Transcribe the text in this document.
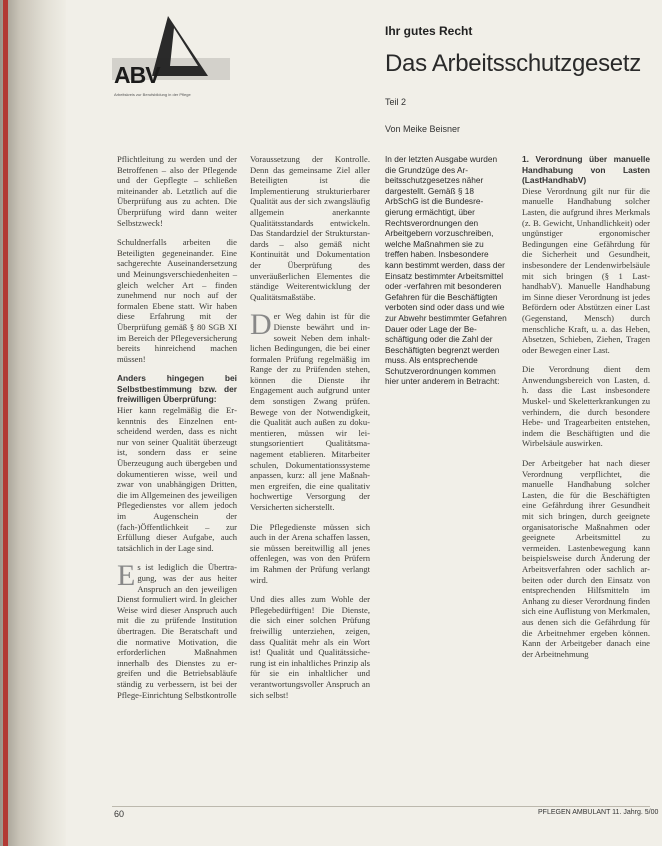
ABV
Arbeitskreis zur Berufsbildung in der Pflege
Ihr gutes Recht
Das Arbeitsschutzgesetz
Teil 2
Von Meike Beisner

Pflichtleitung zu werden und der Betroffenen – also der Pflegende und der Gepflegte – schließen miteinander ab. Letztlich auf die Überprüfung aus zu achten. Die Überprüfung wird dann weiter Selbstzweck!

Schuldnerfalls arbeiten die Beteiligten gegeneinander. Eine sachgerechte Auseinandersetzung und Meinungsverschiedenheiten – gleich welcher Art – finden zunehmend nur noch auf der formalen Ebene statt. Wir haben diese Erfahrung mit der Überprüfung gemäß § 80 SGB XI im Bereich der Pflegeversicherung bereits hinreichend machen müssen!

Anders hingegen bei Selbstbestimmung bzw. der freiwilligen Überprüfung:

Hier kann regelmäßig die Erkenntnis des Einzelnen entscheidend werden, dass es nicht nur von seiner Qualität überzeugt ist, sondern dass er seine Überzeugung auch übergeben und dokumentieren wisse, weil und zwar von unabhängigen Dritten, die im Allgemeinen des jeweiligen Pflegedienstes vor allem jedoch im Augenschein der (fach-)Öffentlichkeit – zur Erfüllung dieser Aufgabe, auch tatsächlich in der Lage sind.

Es ist lediglich die Übertragung, was der aus heiter Anspruch an den jeweiligen Dienst formuliert wird. In gleicher Weise wird dieser Anspruch auch mit die zu prüfende Institution übertragen. Die Beratschaft und die normative Motivation, die erforderlichen Maßnahmen innerhalb des Dienstes zu ergreifen und die Betriebsabläufe ständig zu verbessern, ist bei der Pflege-Einrichtung Selbstkontrolle

Voraussetzung der Kontrolle. Denn das gemeinsame Ziel aller Beteiligten ist die Implementierung strukturierbarer Qualität aus der sich zwangsläufig allgemein anerkannte Qualitätsstandards entwickeln. Das Standardziel der Strukturstandards – also gemäß nicht Kontinuität und Dokumentation der Überprüfung des unveräußerlichen Elementes die ständige Weiterentwicklung der Qualitätsmaßstäbe.

Der Weg dahin ist für die Dienste bewährt und insoweit Neben dem inhaltlichen Bedingungen, die bei einer formalen Prüfung regelmäßig im Range der zu Prüfenden stehen, können die Dienste ihr Engagement auch aufgrund unter dem sonstigen Zwang prüfen. Bewege von der Notwendigkeit, die Qualität auch außen zu dokumentieren, müssen wir leistungsorientiert Qualitätsmanagement etablieren. Mitarbeiter schulen, Dokumentationssysteme anpassen, kurz: all jene Maßnahmen ergreifen, die eine qualitativ hochwertige Versorgung der Versicherten sicherstellt.

Die Pflegedienste müssen sich auch in der Arena schaffen lassen, sie müssen bereitwillig all jenes offenlegen, was von den Prüfern im Rahmen der Prüfung verlangt wird.

Und dies alles zum Wohle der Pflegebedürftigen! Die Dienste, die sich einer solchen Prüfung freiwillig unterziehen, zeigen, dass Qualität mehr als ein Wort ist! Qualität und Qualitätssicherung ist ein inhaltliches Prinzip als für sie ein inhaltlicher und verantwortungsvoller Anspruch an sich selbst!

In der letzten Ausgabe wurden die Grundzüge des Arbeitsschutzgesetzes näher dargestellt. Gemäß § 18 ArbSchG ist die Bundesregierung ermächtigt, über Rechtsverordnungen den Arbeitgebern vorzuschreiben, welche Maßnahmen sie zu treffen haben. Insbesondere kann bestimmt werden, dass der Einsatz bestimmter Arbeitsmittel oder -verfahren mit besonderen Gefahren für die Beschäftigten verboten sind oder dass und wie zur Abwehr bestimmter Gefahren Dauer oder Lage der Beschäftigung oder die Zahl der Beschäftigten begrenzt werden muss. Als entsprechende Schutzverordnungen kommen hier unter anderem in Betracht:

1. Verordnung über manuelle Handhabung von Lasten (LastHandhabV)

Diese Verordnung gilt nur für die manuelle Handhabung solcher Lasten, die aufgrund ihres Merkmals (z. B. Gewicht, Unhandlichkeit) oder ungünstiger ergonomischer Bedingungen eine Gefährdung für die Sicherheit und Gesundheit, insbesondere der Lendenwirbelsäule mit sich bringen (§ 1 LasthandhabV). Manuelle Handhabung im Sinne dieser Verordnung ist jedes Befördern oder Abstützen einer Last (Gegenstand, Mensch) durch menschliche Kraft, u. a. das Heben, Absetzen, Schieben, Ziehen, Tragen oder Bewegen einer Last.

Die Verordnung dient dem Anwendungsbereich von Lasten, d. h. dass die Last insbesondere Muskel- und Skeletterkrankungen zu verhindern, die durch besondere Hebe- und Tragearbeiten entstehen, indem die Beschäftigten und die Wirbelsäule auswirken.

Der Arbeitgeber hat nach dieser Verordnung verpflichtet, die manuelle Handhabung solcher Lasten, die für die Beschäftigten eine Gefährdung ihrer Gesundheit mit sich bringen, durch geeignete organisatorische Maßnahmen oder geeignete Arbeitsmittel zu vermeiden. Lastenbewegung kann beispielsweise durch Änderung der Arbeitsverfahren oder sachlich arbeiten oder durch den Einsatz von entsprechenden Hilfsmitteln im Anhang zu dieser Verordnung finden sich eine Auflistung von Merkmalen, aus denen sich die Gefährdung für die Arbeitnehmer ergeben können. Kann der Arbeitgeber danach eine der Arbeitnehmung

60	PFLEGEN AMBULANT 11. Jahrg. 5/00
